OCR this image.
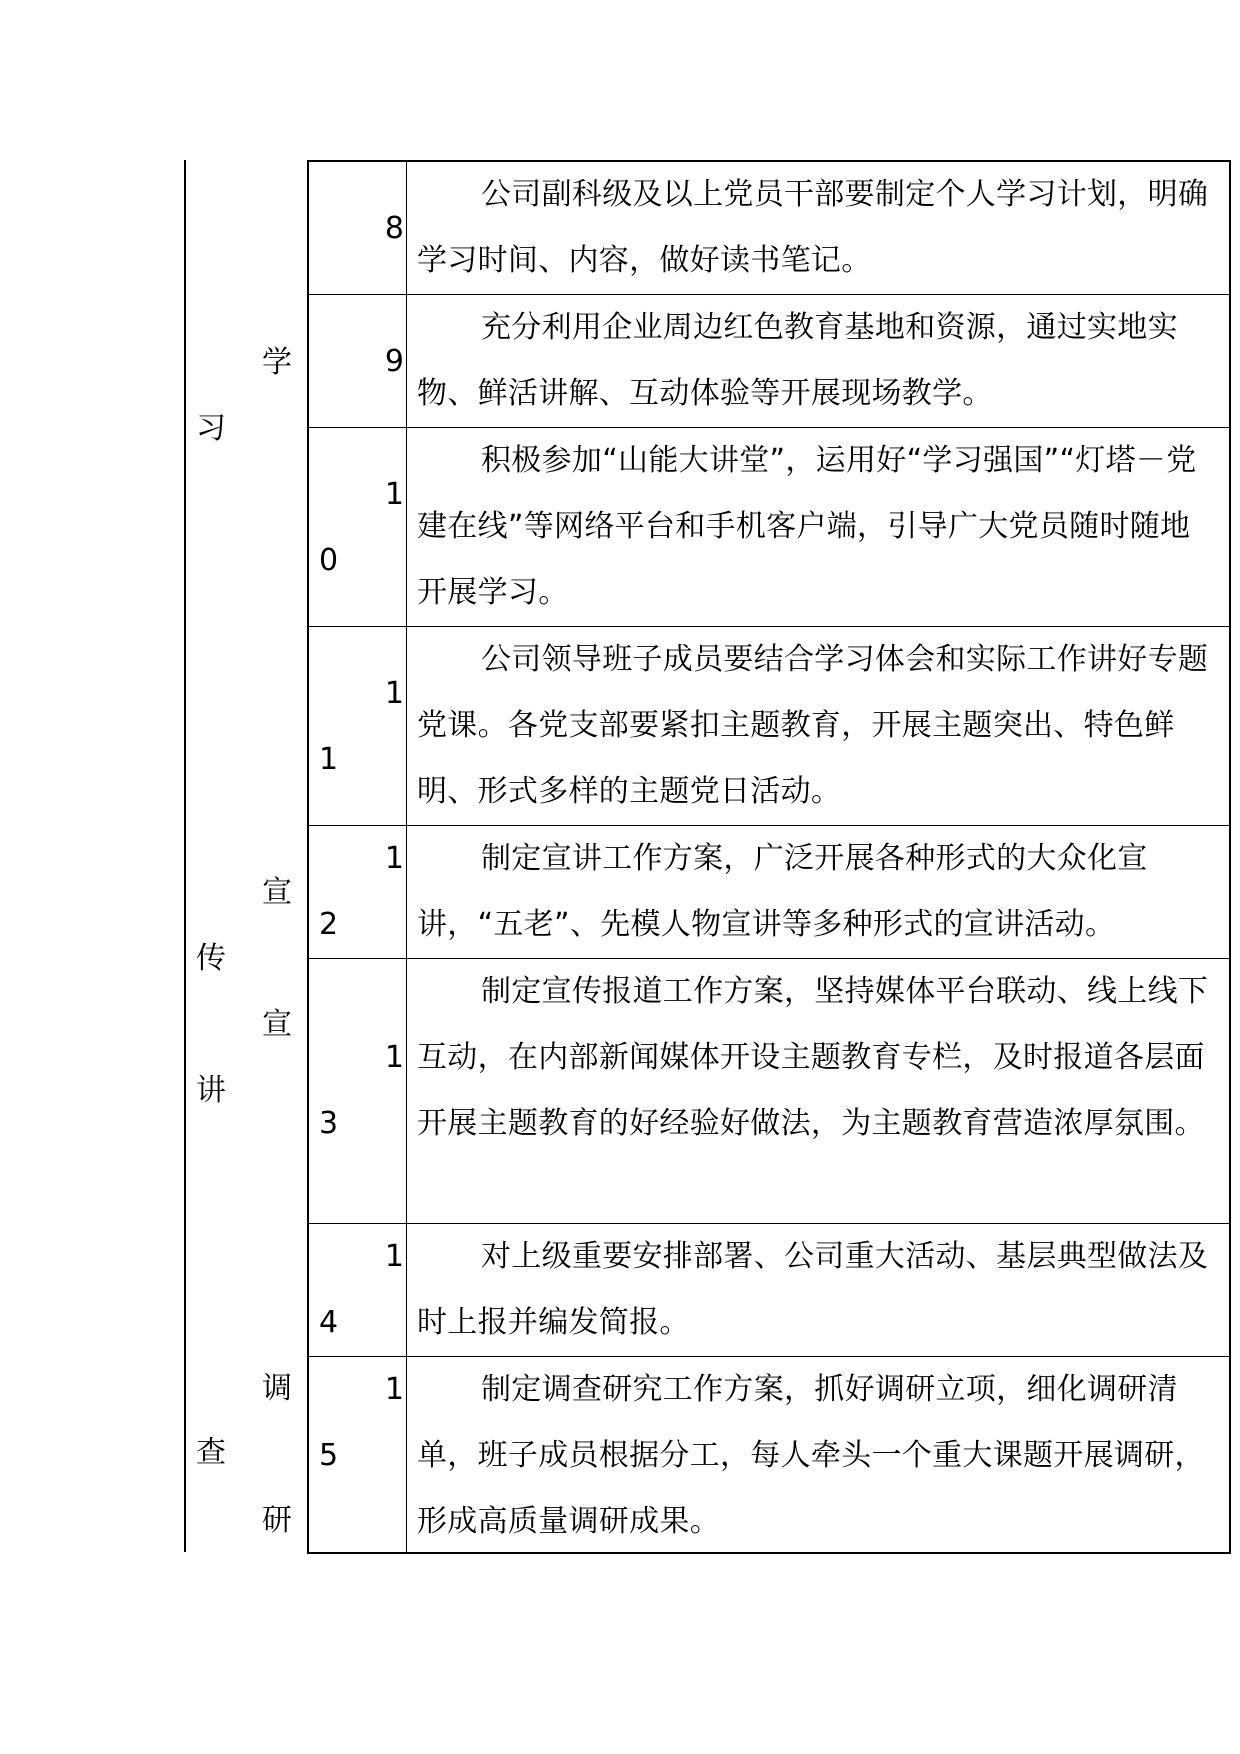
习
传
讲
查
学
宣
宣
调
研
8
公司副科级及以上党员干部要制定个人学习计划，明确学习时间、内容，做好读书笔记。
9
充分利用企业周边红色教育基地和资源，通过实地实物、鲜活讲解、互动体验等开展现场教学。
1
0
积极参加“山能大讲堂”，运用好“学习强国”“灯塔－党建在线”等网络平台和手机客户端，引导广大党员随时随地开展学习。
1
1
公司领导班子成员要结合学习体会和实际工作讲好专题党课。各党支部要紧扣主题教育，开展主题突出、特色鲜明、形式多样的主题党日活动。
1
2
制定宣讲工作方案，广泛开展各种形式的大众化宣讲，“五老”、先模人物宣讲等多种形式的宣讲活动。
1
3
制定宣传报道工作方案，坚持媒体平台联动、线上线下互动，在内部新闻媒体开设主题教育专栏，及时报道各层面开展主题教育的好经验好做法，为主题教育营造浓厚氛围。
1
4
对上级重要安排部署、公司重大活动、基层典型做法及时上报并编发简报。
1
5
制定调查研究工作方案，抓好调研立项，细化调研清单，班子成员根据分工，每人牵头一个重大课题开展调研，形成高质量调研成果。
